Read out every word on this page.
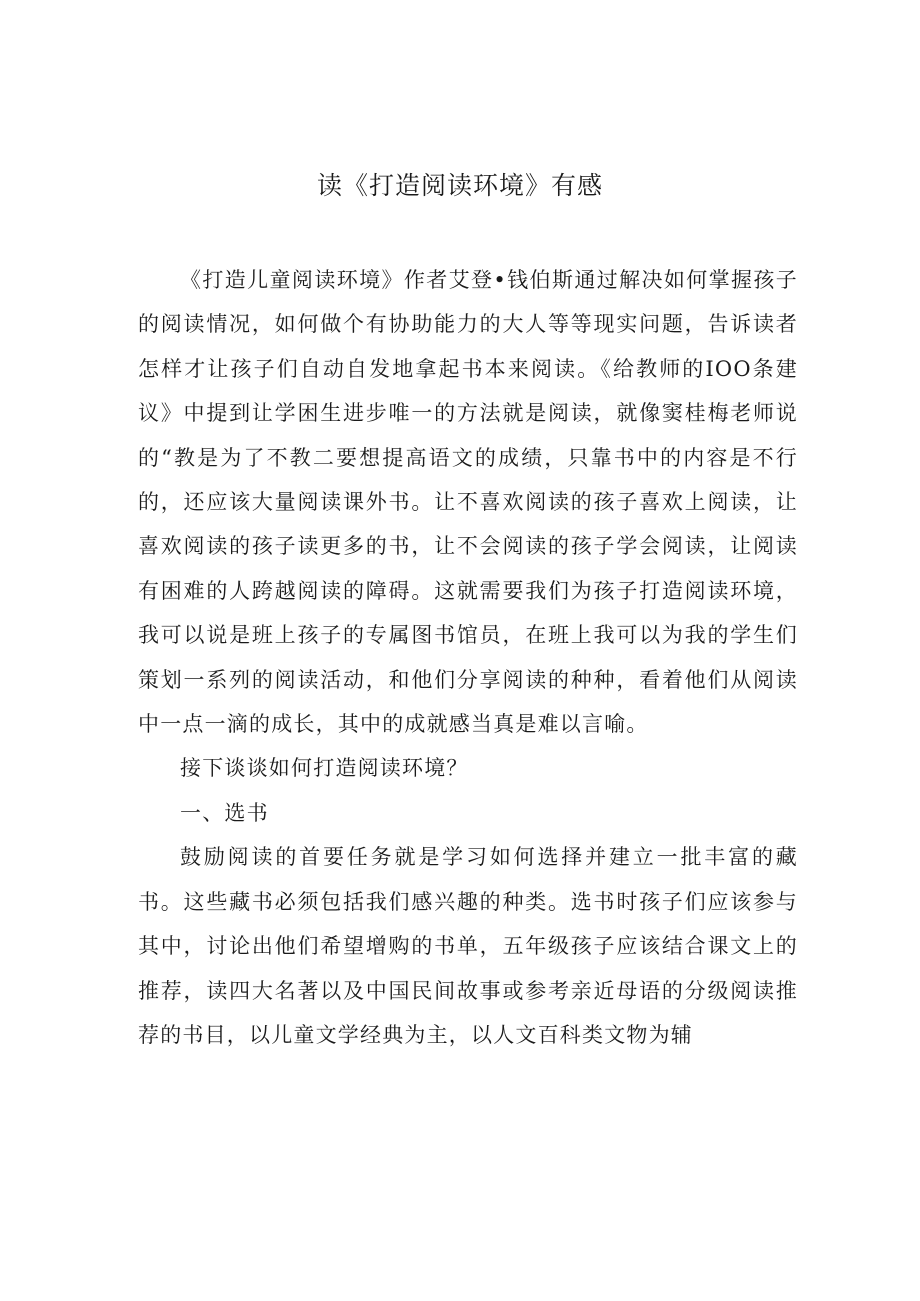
读《打造阅读环境》有感

《打造儿童阅读环境》作者艾登•钱伯斯通过解决如何掌握孩子的阅读情况，如何做个有协助能力的大人等等现实问题，告诉读者怎样才让孩子们自动自发地拿起书本来阅读。《给教师的IOO条建议》中提到让学困生进步唯一的方法就是阅读，就像窦桂梅老师说的“教是为了不教二要想提高语文的成绩，只靠书中的内容是不行的，还应该大量阅读课外书。让不喜欢阅读的孩子喜欢上阅读，让喜欢阅读的孩子读更多的书，让不会阅读的孩子学会阅读，让阅读有困难的人跨越阅读的障碍。这就需要我们为孩子打造阅读环境，我可以说是班上孩子的专属图书馆员，在班上我可以为我的学生们策划一系列的阅读活动，和他们分享阅读的种种，看着他们从阅读中一点一滴的成长，其中的成就感当真是难以言喻。

接下谈谈如何打造阅读环境？

一、选书

鼓励阅读的首要任务就是学习如何选择并建立一批丰富的藏书。这些藏书必须包括我们感兴趣的种类。选书时孩子们应该参与其中，讨论出他们希望增购的书单，五年级孩子应该结合课文上的推荐，读四大名著以及中国民间故事或参考亲近母语的分级阅读推荐的书目，以儿童文学经典为主，以人文百科类文物为辅
